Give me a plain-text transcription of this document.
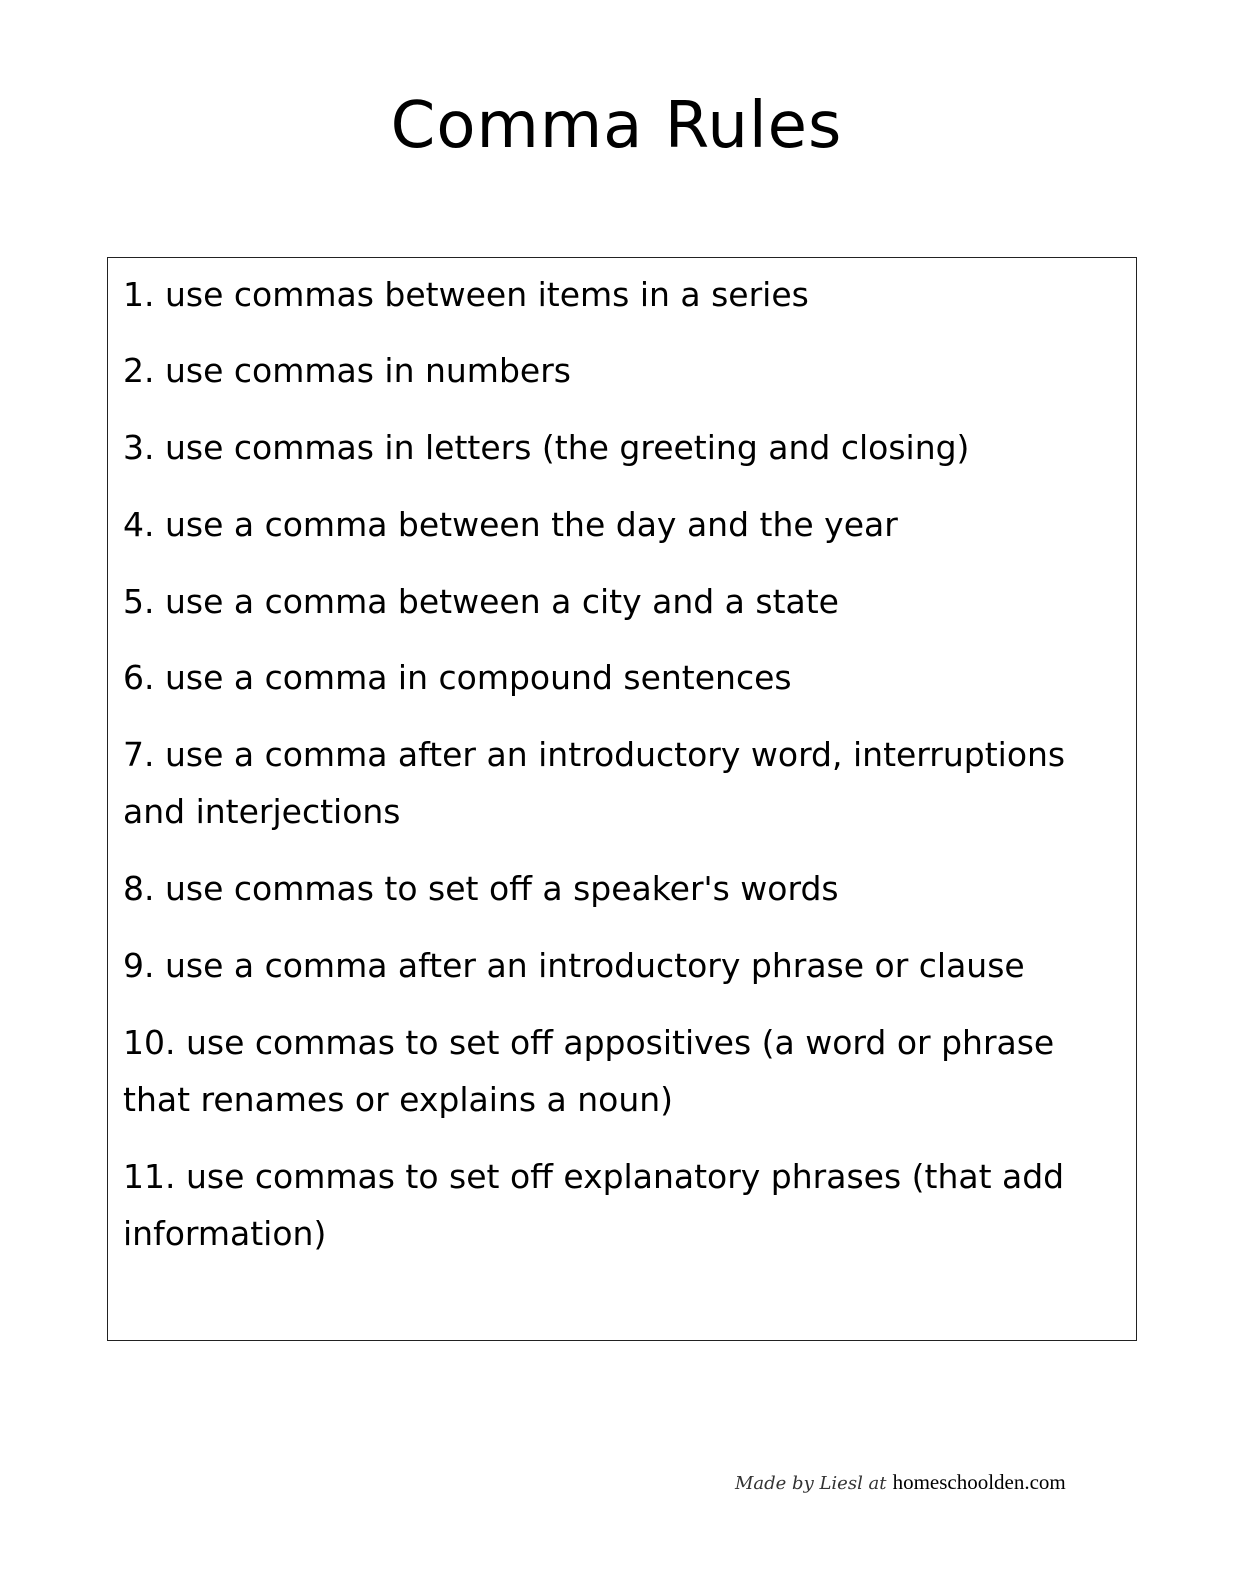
Comma Rules
1. use commas between items in a series
2. use commas in numbers
3. use commas in letters (the greeting and closing)
4. use a comma between the day and the year
5. use a comma between a city and a state
6. use a comma in compound sentences
7. use a comma after an introductory word, interruptions and interjections
8. use commas to set off a speaker's words
9. use a comma after an introductory phrase or clause
10. use commas to set off appositives (a word or phrase that renames or explains a noun)
11. use commas to set off explanatory phrases (that add information)
Made by Liesl at homeschoolden.com
